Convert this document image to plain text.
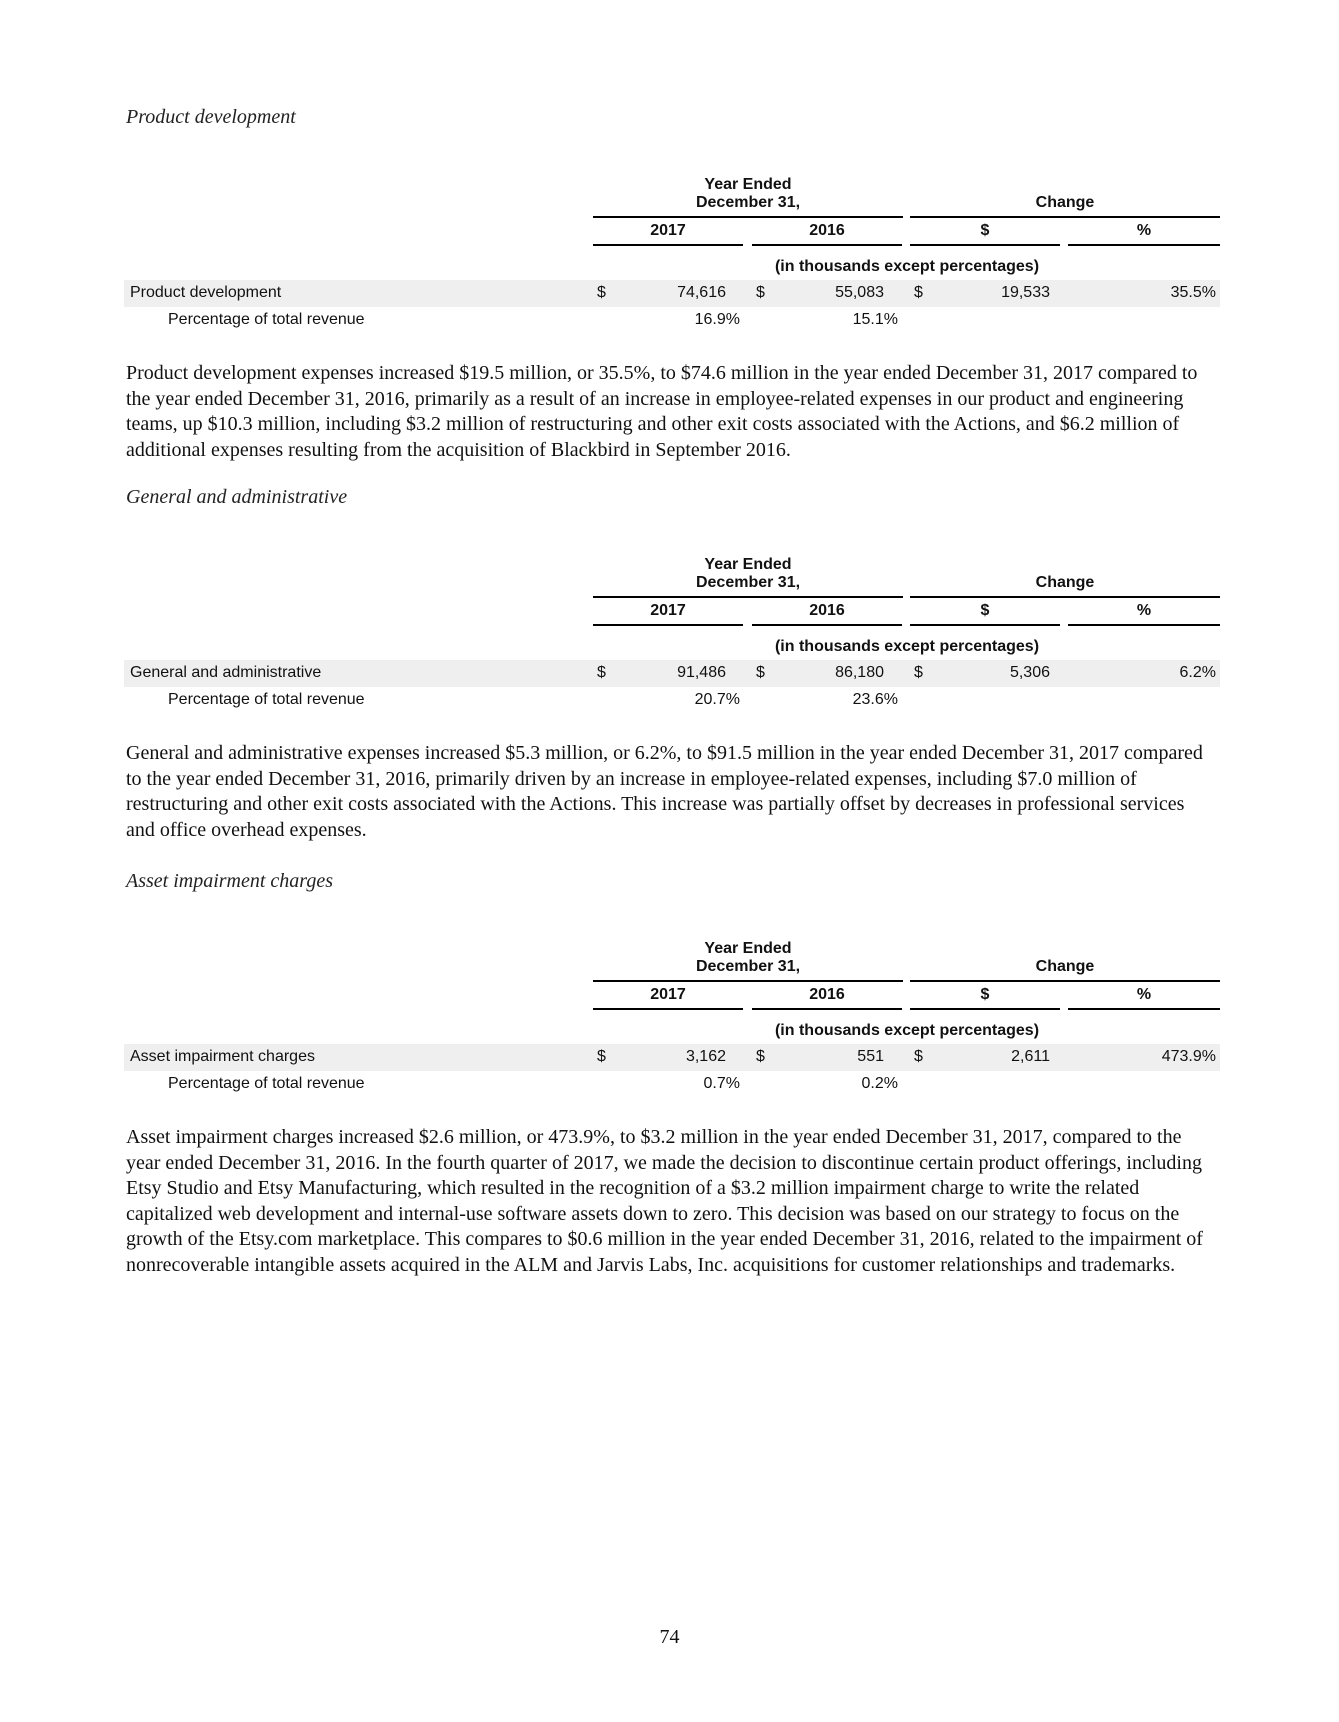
Product development
Year Ended
December 31,	Change
2017	2016	$	%
(in thousands except percentages)
Product development	$	74,616 $	55,083 $	19,533	35.5%
Percentage of total revenue	16.9%	15.1%

Product development expenses increased $19.5 million, or 35.5%, to $74.6 million in the year ended December 31, 2017 compared to the year ended December 31, 2016, primarily as a result of an increase in employee-related expenses in our product and engineering teams, up $10.3 million, including $3.2 million of restructuring and other exit costs associated with the Actions, and $6.2 million of additional expenses resulting from the acquisition of Blackbird in September 2016.

General and administrative
Year Ended
December 31,	Change
2017	2016	$	%
(in thousands except percentages)
General and administrative	$	91,486 $	86,180 $	5,306	6.2%
Percentage of total revenue	20.7%	23.6%

General and administrative expenses increased $5.3 million, or 6.2%, to $91.5 million in the year ended December 31, 2017 compared to the year ended December 31, 2016, primarily driven by an increase in employee-related expenses, including $7.0 million of restructuring and other exit costs associated with the Actions. This increase was partially offset by decreases in professional services and office overhead expenses.

Asset impairment charges
Year Ended
December 31,	Change
2017	2016	$	%
(in thousands except percentages)
Asset impairment charges	$	3,162 $	551 $	2,611	473.9%
Percentage of total revenue	0.7%	0.2%

Asset impairment charges increased $2.6 million, or 473.9%, to $3.2 million in the year ended December 31, 2017, compared to the year ended December 31, 2016. In the fourth quarter of 2017, we made the decision to discontinue certain product offerings, including Etsy Studio and Etsy Manufacturing, which resulted in the recognition of a $3.2 million impairment charge to write the related capitalized web development and internal-use software assets down to zero. This decision was based on our strategy to focus on the growth of the Etsy.com marketplace. This compares to $0.6 million in the year ended December 31, 2016, related to the impairment of nonrecoverable intangible assets acquired in the ALM and Jarvis Labs, Inc. acquisitions for customer relationships and trademarks.

74
